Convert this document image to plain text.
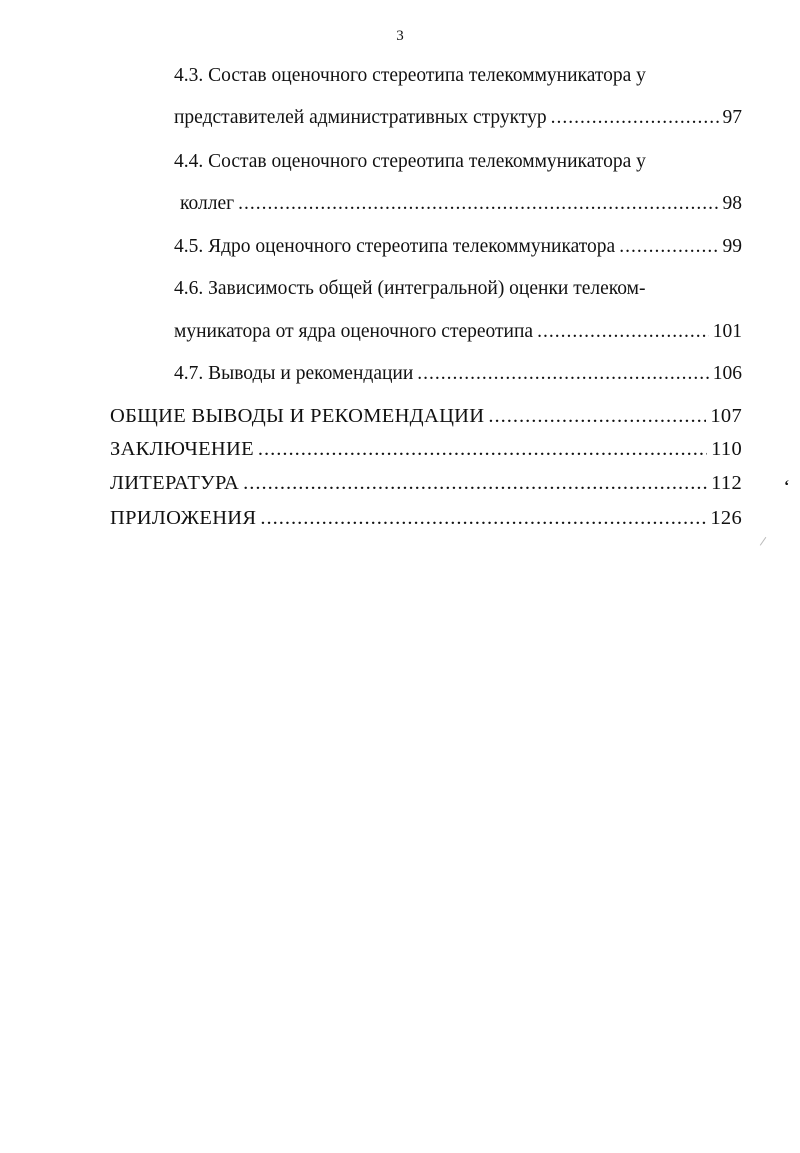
3
4.3. Состав оценочного стереотипа телекоммуникатора у
представителей административных структур .....	97
4.4. Состав оценочного стереотипа телекоммуникатора у
коллег .....	98
4.5. Ядро оценочного стереотипа телекоммуникатора .....	99
4.6. Зависимость общей (интегральной) оценки телеком-
муникатора от ядра оценочного стереотипа .....	101
4.7. Выводы и рекомендации .....	106
ОБЩИЕ ВЫВОДЫ И РЕКОМЕНДАЦИИ .....	107
ЗАКЛЮЧЕНИЕ .....	110
ЛИТЕРАТУРА .....	112
ПРИЛОЖЕНИЯ .....	126
ʻ
